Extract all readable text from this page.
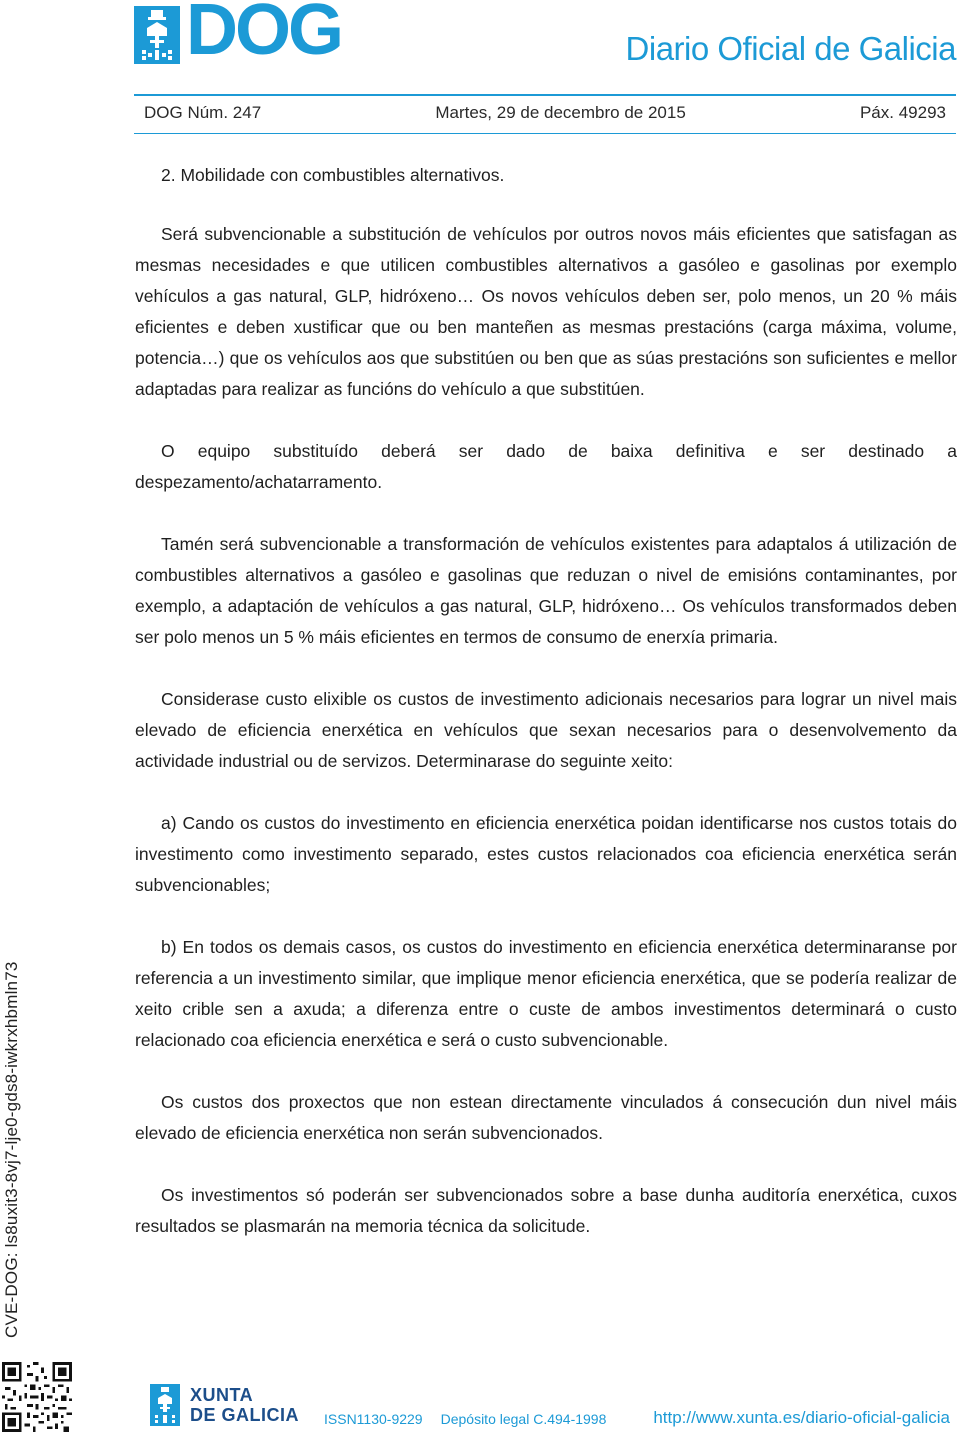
DOG	Diario Oficial de Galicia
DOG Núm. 247	Martes, 29 de decembro de 2015	Páx. 49293

2. Mobilidade con combustibles alternativos.

Será subvencionable a substitución de vehículos por outros novos máis eficientes que satisfagan as mesmas necesidades e que utilicen combustibles alternativos a gasóleo e gasolinas por exemplo vehículos a gas natural, GLP, hidróxeno… Os novos vehículos deben ser, polo menos, un 20 % máis eficientes e deben xustificar que ou ben manteñen as mesmas prestacións (carga máxima, volume, potencia…) que os vehículos aos que substitúen ou ben que as súas prestacións son suficientes e mellor adaptadas para realizar as funcións do vehículo a que substitúen.

O equipo substituído deberá ser dado de baixa definitiva e ser destinado a despezamento/achatarramento.

Tamén será subvencionable a transformación de vehículos existentes para adaptalos á utilización de combustibles alternativos a gasóleo e gasolinas que reduzan o nivel de emisións contaminantes, por exemplo, a adaptación de vehículos a gas natural, GLP, hidróxeno… Os vehículos transformados deben ser polo menos un 5 % máis eficientes en termos de consumo de enerxía primaria.

Considerase custo elixible os custos de investimento adicionais necesarios para lograr un nivel mais elevado de eficiencia enerxética en vehículos que sexan necesarios para o desenvolvemento da actividade industrial ou de servizos. Determinarase do seguinte xeito:

a) Cando os custos do investimento en eficiencia enerxética poidan identificarse nos custos totais do investimento como investimento separado, estes custos relacionados coa eficiencia enerxética serán subvencionables;

b) En todos os demais casos, os custos do investimento en eficiencia enerxética determinaranse por referencia a un investimento similar, que implique menor eficiencia enerxética, que se podería realizar de xeito crible sen a axuda; a diferenza entre o custe de ambos investimentos determinará o custo relacionado coa eficiencia enerxética e será o custo subvencionable.

Os custos dos proxectos que non estean directamente vinculados á consecución dun nivel máis elevado de eficiencia enerxética non serán subvencionados.

Os investimentos só poderán ser subvencionados sobre a base dunha auditoría enerxética, cuxos resultados se plasmarán na memoria técnica da solicitude.

CVE-DOG: ls8uxit3-8vj7-lje0-gds8-iwkrxhbmln73
XUNTA
DE GALICIA ISSN1130-9229 Depósito legal C.494-1998	http://www.xunta.es/diario-oficial-galicia
